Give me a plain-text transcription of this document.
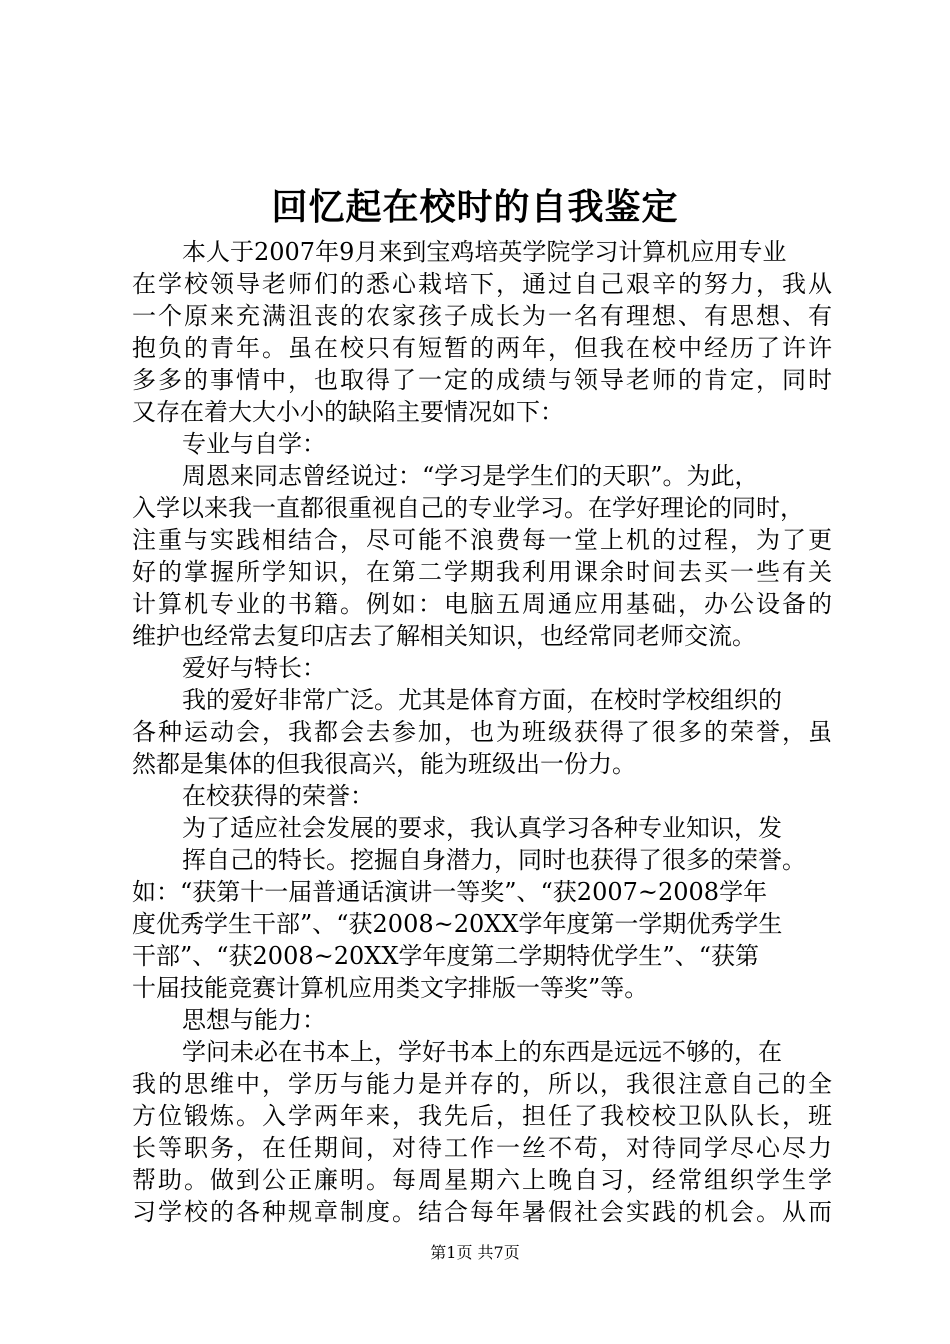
回忆起在校时的自我鉴定
本人于2007年9月来到宝鸡培英学院学习计算机应用专业
在学校领导老师们的悉心栽培下，通过自己艰辛的努力，我从
一个原来充满沮丧的农家孩子成长为一名有理想、有思想、有
抱负的青年。虽在校只有短暂的两年，但我在校中经历了许许
多多的事情中，也取得了一定的成绩与领导老师的肯定，同时
又存在着大大小小的缺陷主要情况如下：
专业与自学：
周恩来同志曾经说过：“学习是学生们的天职”。为此，
入学以来我一直都很重视自己的专业学习。在学好理论的同时，
注重与实践相结合，尽可能不浪费每一堂上机的过程，为了更
好的掌握所学知识，在第二学期我利用课余时间去买一些有关
计算机专业的书籍。例如：电脑五周通应用基础，办公设备的
维护也经常去复印店去了解相关知识，也经常同老师交流。
爱好与特长：
我的爱好非常广泛。尤其是体育方面，在校时学校组织的
各种运动会，我都会去参加，也为班级获得了很多的荣誉，虽
然都是集体的但我很高兴，能为班级出一份力。
在校获得的荣誉：
为了适应社会发展的要求，我认真学习各种专业知识，发
挥自己的特长。挖掘自身潜力，同时也获得了很多的荣誉。
如：“获第十一届普通话演讲一等奖”、“获2007~2008学年
度优秀学生干部”、“获2008~20XX学年度第一学期优秀学生
干部”、“获2008~20XX学年度第二学期特优学生”、“获第
十届技能竞赛计算机应用类文字排版一等奖”等。
思想与能力：
学问未必在书本上，学好书本上的东西是远远不够的，在
我的思维中，学历与能力是并存的，所以，我很注意自己的全
方位锻炼。入学两年来，我先后，担任了我校校卫队队长，班
长等职务，在任期间，对待工作一丝不苟，对待同学尽心尽力
帮助。做到公正廉明。每周星期六上晚自习，经常组织学生学
习学校的各种规章制度。结合每年暑假社会实践的机会。从而
第1页 共7页
